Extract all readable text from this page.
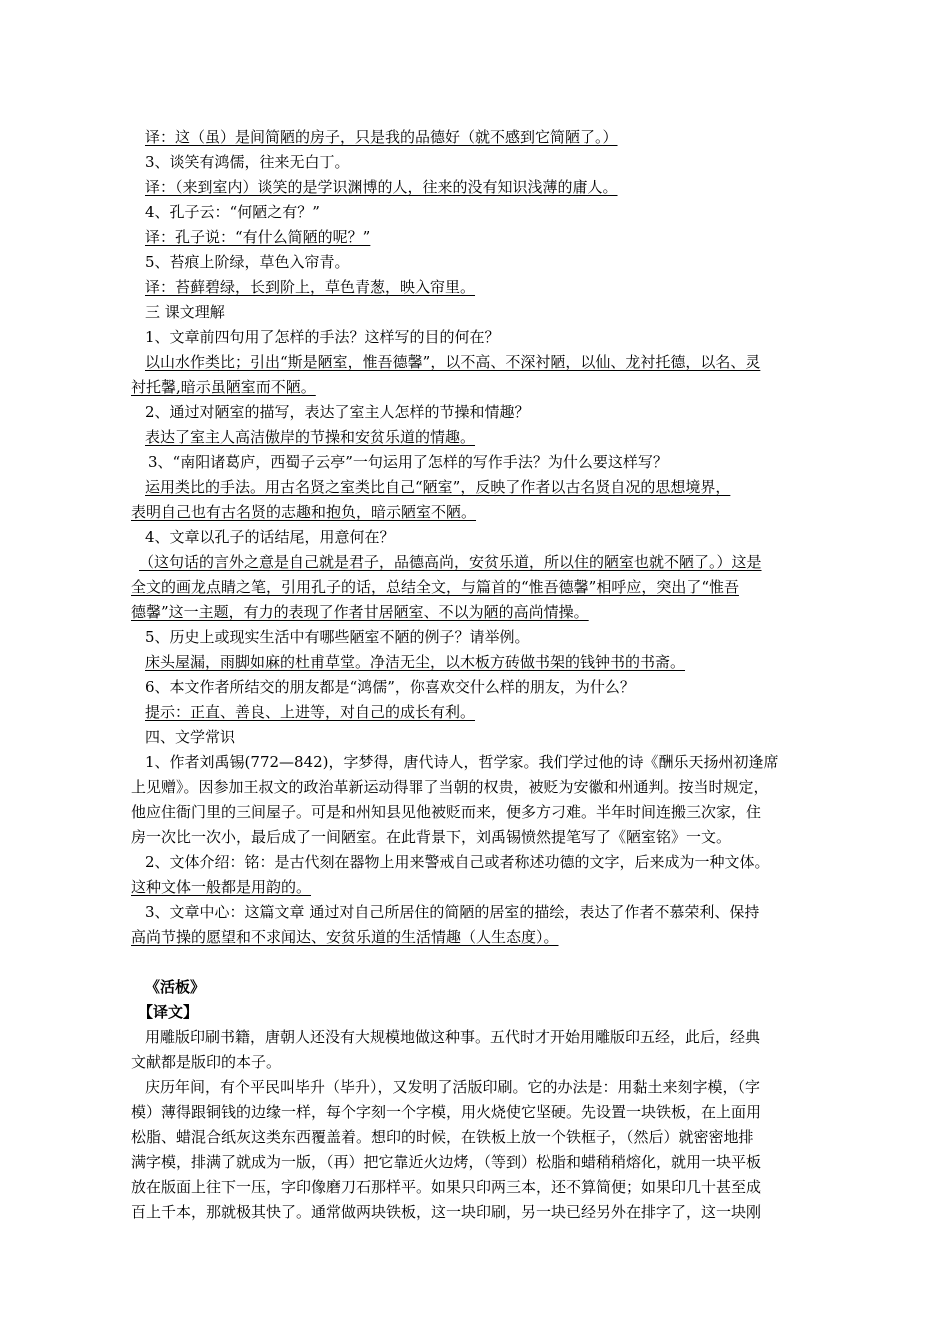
译：这（虽）是间简陋的房子，只是我的品德好（就不感到它简陋了。）
3、谈笑有鸿儒，往来无白丁。
译：（来到室内）谈笑的是学识渊博的人，往来的没有知识浅薄的庸人。
4、孔子云：“何陋之有？”
译：孔子说：“有什么简陋的呢？”
5、苔痕上阶绿，草色入帘青。
译：苔藓碧绿，长到阶上，草色青葱，映入帘里。
三 课文理解
1、文章前四句用了怎样的手法？这样写的目的何在？
以山水作类比；引出“斯是陋室，惟吾德馨”，以不高、不深衬陋，以仙、龙衬托德，以名、灵
衬托馨,暗示虽陋室而不陋。
2、通过对陋室的描写，表达了室主人怎样的节操和情趣？
表达了室主人高洁傲岸的节操和安贫乐道的情趣。
3、“南阳诸葛庐，西蜀子云亭”一句运用了怎样的写作手法？为什么要这样写？
运用类比的手法。用古名贤之室类比自己“陋室”，反映了作者以古名贤自况的思想境界，
表明自己也有古名贤的志趣和抱负，暗示陋室不陋。
4、文章以孔子的话结尾，用意何在？
（这句话的言外之意是自己就是君子，品德高尚，安贫乐道，所以住的陋室也就不陋了。）这是
全文的画龙点睛之笔，引用孔子的话，总结全文，与篇首的“惟吾德馨”相呼应，突出了“惟吾
德馨”这一主题，有力的表现了作者甘居陋室、不以为陋的高尚情操。
5、历史上或现实生活中有哪些陋室不陋的例子？请举例。
床头屋漏，雨脚如麻的杜甫草堂。净洁无尘，以木板方砖做书架的钱钟书的书斋。
6、本文作者所结交的朋友都是“鸿儒”，你喜欢交什么样的朋友，为什么？
提示：正直、善良、上进等，对自己的成长有利。
四、文学常识
1、作者刘禹锡(772—842)，字梦得，唐代诗人，哲学家。我们学过他的诗《酬乐天扬州初逢席
上见赠》。因参加王叔文的政治革新运动得罪了当朝的权贵，被贬为安徽和州通判。按当时规定，
他应住衙门里的三间屋子。可是和州知县见他被贬而来，便多方刁难。半年时间连搬三次家，住
房一次比一次小，最后成了一间陋室。在此背景下，刘禹锡愤然提笔写了《陋室铭》一文。
2、文体介绍：铭：是古代刻在器物上用来警戒自己或者称述功德的文字，后来成为一种文体。
这种文体一般都是用韵的。
3、文章中心：这篇文章 通过对自己所居住的简陋的居室的描绘，表达了作者不慕荣利、保持
高尚节操的愿望和不求闻达、安贫乐道的生活情趣（人生态度）。
《活板》
【译文】
用雕版印刷书籍，唐朝人还没有大规模地做这种事。五代时才开始用雕版印五经，此后，经典
文献都是版印的本子。
庆历年间，有个平民叫毕升（毕升），又发明了活版印刷。它的办法是：用黏土来刻字模，（字
模）薄得跟铜钱的边缘一样，每个字刻一个字模，用火烧使它坚硬。先设置一块铁板，在上面用
松脂、蜡混合纸灰这类东西覆盖着。想印的时候，在铁板上放一个铁框子，（然后）就密密地排
满字模，排满了就成为一版，（再）把它靠近火边烤，（等到）松脂和蜡稍稍熔化，就用一块平板
放在版面上往下一压，字印像磨刀石那样平。如果只印两三本，还不算简便；如果印几十甚至成
百上千本，那就极其快了。通常做两块铁板，这一块印刷，另一块已经另外在排字了，这一块刚
